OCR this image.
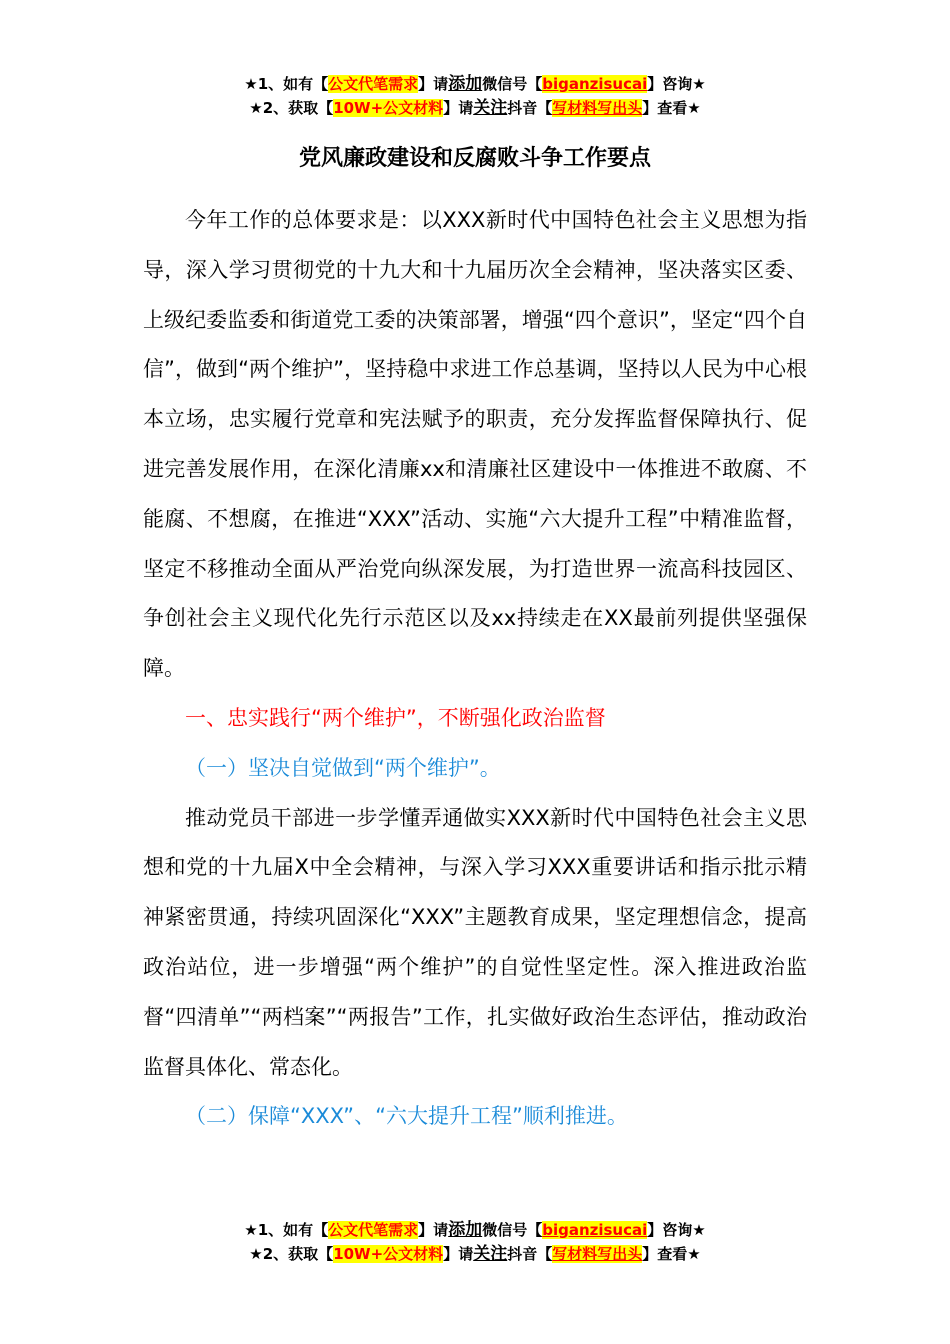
★1、如有【公文代笔需求】请添加微信号【biganzisucai】咨询★
★2、获取【10W+公文材料】请关注抖音【写材料写出头】查看★
党风廉政建设和反腐败斗争工作要点

今年工作的总体要求是：以XXX新时代中国特色社会主义思想为指导，深入学习贯彻党的十九大和十九届历次全会精神，坚决落实区委、上级纪委监委和街道党工委的决策部署，增强“四个意识”，坚定“四个自信”，做到“两个维护”，坚持稳中求进工作总基调，坚持以人民为中心根本立场，忠实履行党章和宪法赋予的职责，充分发挥监督保障执行、促进完善发展作用，在深化清廉xx和清廉社区建设中一体推进不敢腐、不能腐、不想腐，在推进“XXX”活动、实施“六大提升工程”中精准监督，坚定不移推动全面从严治党向纵深发展，为打造世界一流高科技园区、争创社会主义现代化先行示范区以及xx持续走在XX最前列提供坚强保障。

一、忠实践行“两个维护”，不断强化政治监督

（一）坚决自觉做到“两个维护”。

推动党员干部进一步学懂弄通做实XXX新时代中国特色社会主义思想和党的十九届X中全会精神，与深入学习XXX重要讲话和指示批示精神紧密贯通，持续巩固深化“XXX”主题教育成果，坚定理想信念，提高政治站位，进一步增强“两个维护”的自觉性坚定性。深入推进政治监督“四清单”“两档案”“两报告”工作，扎实做好政治生态评估，推动政治监督具体化、常态化。

（二）保障“XXX”、“六大提升工程”顺利推进。

★1、如有【公文代笔需求】请添加微信号【biganzisucai】咨询★
★2、获取【10W+公文材料】请关注抖音【写材料写出头】查看★
